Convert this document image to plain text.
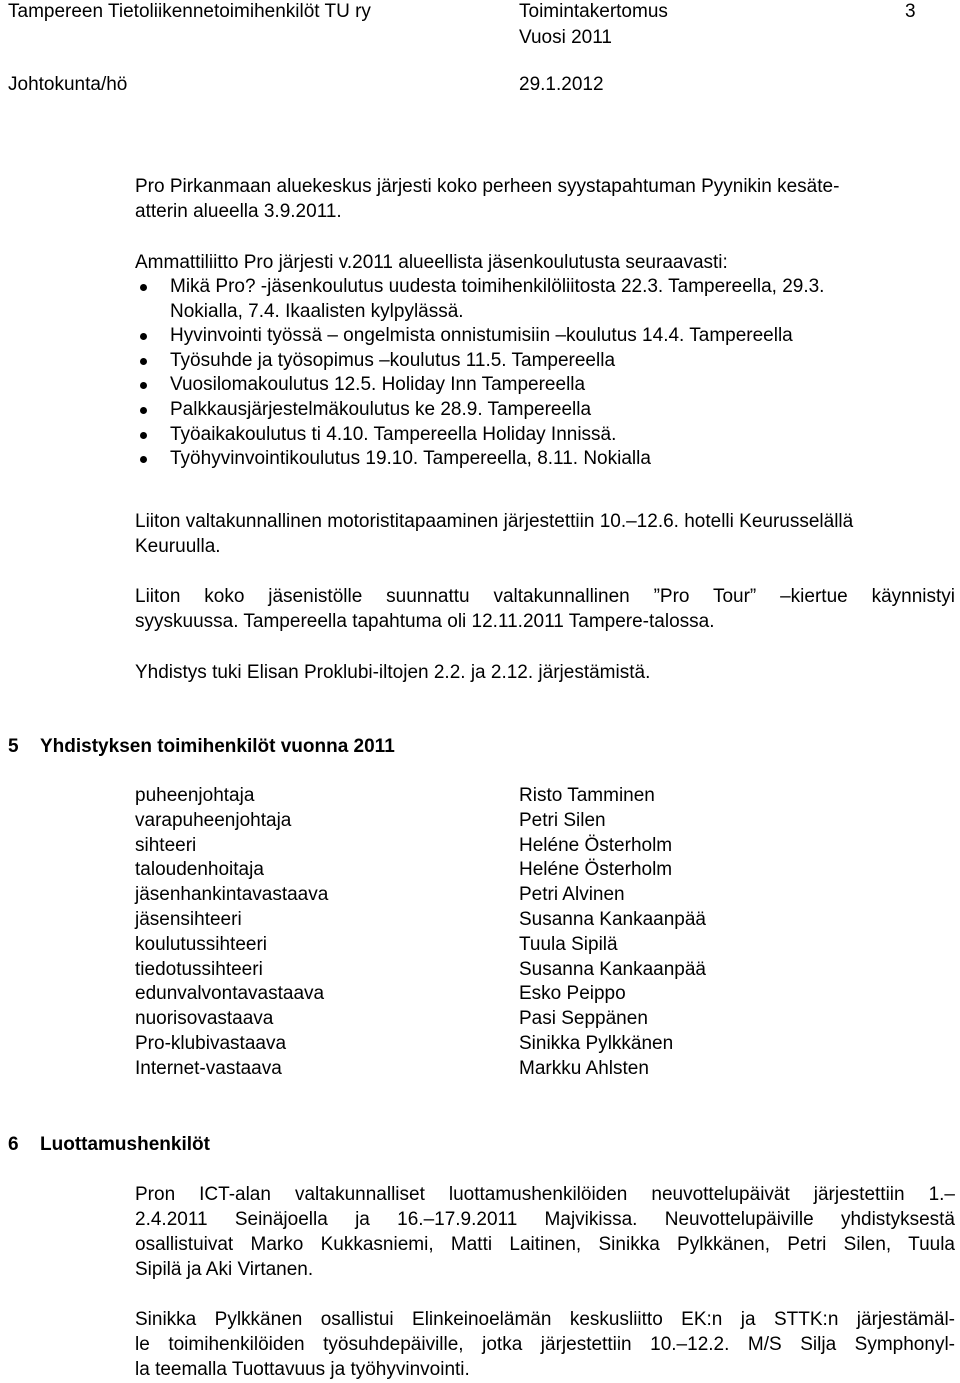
Tampereen Tietoliikennetoimihenkilöt TU ry	Toimintakertomus	3
Vuosi 2011
Johtokunta/hö	29.1.2012
Pro Pirkanmaan aluekeskus järjesti koko perheen syystapahtuman Pyynikin kesäte-
atterin alueella 3.9.2011.
Ammattiliitto Pro järjesti v.2011 alueellista jäsenkoulutusta seuraavasti:
Mikä Pro? -jäsenkoulutus uudesta toimihenkilöliitosta 22.3. Tampereella, 29.3.
Nokialla, 7.4. Ikaalisten kylpylässä.
Hyvinvointi työssä – ongelmista onnistumisiin –koulutus 14.4. Tampereella
Työsuhde ja työsopimus –koulutus 11.5. Tampereella
Vuosilomakoulutus 12.5. Holiday Inn Tampereella
Palkkausjärjestelmäkoulutus ke 28.9. Tampereella
Työaikakoulutus ti 4.10. Tampereella Holiday Innissä.
Työhyvinvointikoulutus 19.10. Tampereella, 8.11. Nokialla
Liiton valtakunnallinen motoristitapaaminen järjestettiin 10.–12.6. hotelli Keurusselällä
Keuruulla.
Liiton koko jäsenistölle suunnattu valtakunnallinen ”Pro Tour” –kiertue käynnistyi
syyskuussa. Tampereella tapahtuma oli 12.11.2011 Tampere-talossa.
Yhdistys tuki Elisan Proklubi-iltojen 2.2. ja 2.12. järjestämistä.
5 Yhdistyksen toimihenkilöt vuonna 2011
puheenjohtaja	Risto Tamminen
varapuheenjohtaja	Petri Silen
sihteeri	Heléne Österholm
taloudenhoitaja	Heléne Österholm
jäsenhankintavastaava	Petri Alvinen
jäsensihteeri	Susanna Kankaanpää
koulutussihteeri	Tuula Sipilä
tiedotussihteeri	Susanna Kankaanpää
edunvalvontavastaava	Esko Peippo
nuorisovastaava	Pasi Seppänen
Pro-klubivastaava	Sinikka Pylkkänen
Internet-vastaava	Markku Ahlsten
6 Luottamushenkilöt
Pron ICT-alan valtakunnalliset luottamushenkilöiden neuvottelupäivät järjestettiin 1.–
2.4.2011 Seinäjoella ja 16.–17.9.2011 Majvikissa. Neuvottelupäiville yhdistyksestä
osallistuivat Marko Kukkasniemi, Matti Laitinen, Sinikka Pylkkänen, Petri Silen, Tuula
Sipilä ja Aki Virtanen.
Sinikka Pylkkänen osallistui Elinkeinoelämän keskusliitto EK:n ja STTK:n järjestämäl-
le toimihenkilöiden työsuhdepäiville, jotka järjestettiin 10.–12.2. M/S Silja Symphonyl-
la teemalla Tuottavuus ja työhyvinvointi.
